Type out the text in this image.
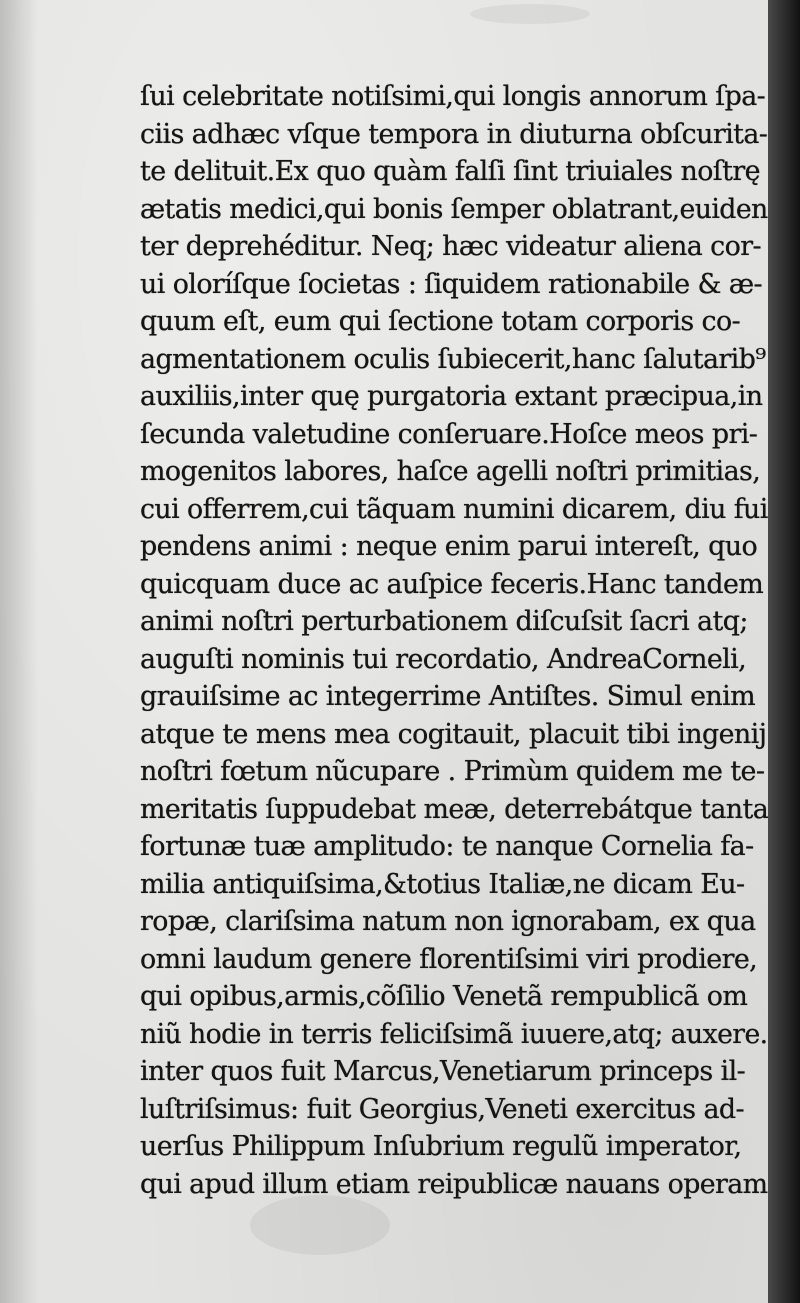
ſui celebritate notiſsimi,qui longis annorum ſpa-
ciis adhæc vſque tempora in diuturna obſcurita-
te delituit.Ex quo quàm falſi ſint triuiales noſtrę
ætatis medici,qui bonis ſemper oblatrant,euiden
ter deprehéditur. Neq; hæc videatur aliena cor-
ui oloríſque ſocietas : ſiquidem rationabile & æ-
quum eſt, eum qui ſectione totam corporis co-
agmentationem oculis ſubiecerit,hanc ſalutarib⁹
auxiliis,inter quę purgatoria extant præcipua,in
ſecunda valetudine conſeruare.Hoſce meos pri-
mogenitos labores, haſce agelli noſtri primitias,
cui offerrem,cui tãquam numini dicarem, diu fui
pendens animi : neque enim parui intereſt, quo
quicquam duce ac auſpice feceris.Hanc tandem
animi noſtri perturbationem diſcuſsit ſacri atq;
auguſti nominis tui recordatio, AndreaCorneli,
grauiſsime ac integerrime Antiſtes. Simul enim
atque te mens mea cogitauit, placuit tibi ingenij
noſtri fœtum nũcupare . Primùm quidem me te-
meritatis ſuppudebat meæ, deterrebátque tanta
fortunæ tuæ amplitudo: te nanque Cornelia fa-
milia antiquiſsima,&totius Italiæ,ne dicam Eu-
ropæ, clariſsima natum non ignorabam, ex qua
omni laudum genere florentiſsimi viri prodiere,
qui opibus,armis,cõſilio Venetã rempublicã om
niũ hodie in terris feliciſsimã iuuere,atq; auxere.
inter quos fuit Marcus,Venetiarum princeps il-
luſtriſsimus: fuit Georgius,Veneti exercitus ad-
uerſus Philippum Inſubrium regulũ imperator,
qui apud illum etiam reipublicæ nauans operam
